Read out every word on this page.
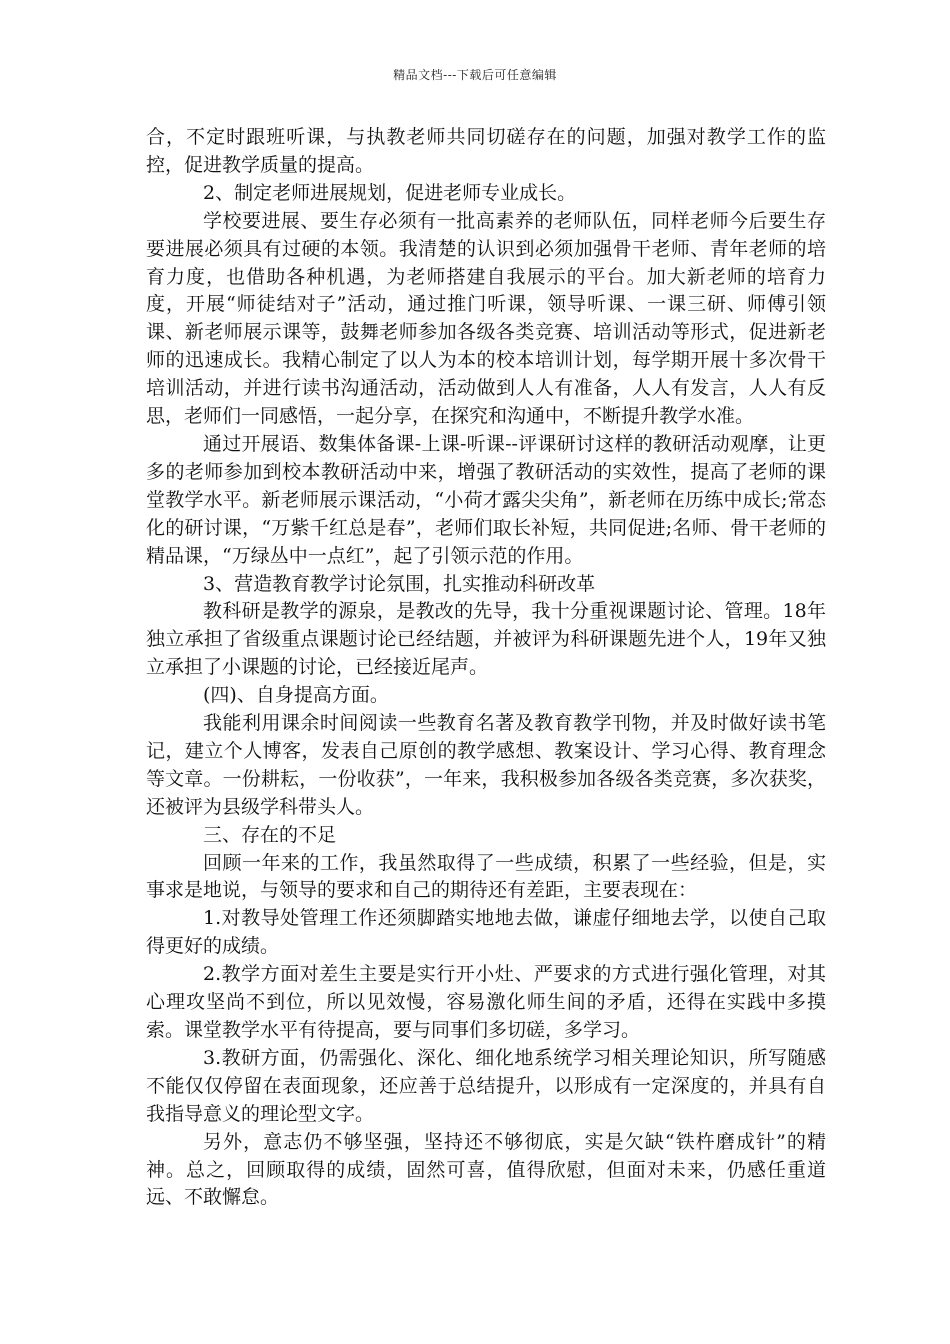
精品文档---下载后可任意编辑

合，不定时跟班听课，与执教老师共同切磋存在的问题，加强对教学工作的监控，促进教学质量的提高。

2、制定老师进展规划，促进老师专业成长。

学校要进展、要生存必须有一批高素养的老师队伍，同样老师今后要生存要进展必须具有过硬的本领。我清楚的认识到必须加强骨干老师、青年老师的培育力度，也借助各种机遇，为老师搭建自我展示的平台。加大新老师的培育力度，开展“师徒结对子”活动，通过推门听课，领导听课、一课三研、师傅引领课、新老师展示课等，鼓舞老师参加各级各类竞赛、培训活动等形式，促进新老师的迅速成长。我精心制定了以人为本的校本培训计划，每学期开展十多次骨干培训活动，并进行读书沟通活动，活动做到人人有准备，人人有发言，人人有反思，老师们一同感悟，一起分享，在探究和沟通中，不断提升教学水准。

通过开展语、数集体备课-上课-听课--评课研讨这样的教研活动观摩，让更多的老师参加到校本教研活动中来，增强了教研活动的实效性，提高了老师的课堂教学水平。新老师展示课活动，“小荷才露尖尖角”，新老师在历练中成长;常态化的研讨课，“万紫千红总是春”，老师们取长补短，共同促进;名师、骨干老师的精品课，“万绿丛中一点红”，起了引领示范的作用。

3、营造教育教学讨论氛围，扎实推动科研改革

教科研是教学的源泉，是教改的先导，我十分重视课题讨论、管理。18年独立承担了省级重点课题讨论已经结题，并被评为科研课题先进个人，19年又独立承担了小课题的讨论，已经接近尾声。

(四)、自身提高方面。

我能利用课余时间阅读一些教育名著及教育教学刊物，并及时做好读书笔记，建立个人博客，发表自己原创的教学感想、教案设计、学习心得、教育理念等文章。一份耕耘，一份收获”，一年来，我积极参加各级各类竞赛，多次获奖，还被评为县级学科带头人。

三、存在的不足

回顾一年来的工作，我虽然取得了一些成绩，积累了一些经验，但是，实事求是地说，与领导的要求和自己的期待还有差距，主要表现在：

1.对教导处管理工作还须脚踏实地地去做，谦虚仔细地去学，以使自己取得更好的成绩。

2.教学方面对差生主要是实行开小灶、严要求的方式进行强化管理，对其心理攻坚尚不到位，所以见效慢，容易激化师生间的矛盾，还得在实践中多摸索。课堂教学水平有待提高，要与同事们多切磋，多学习。

3.教研方面，仍需强化、深化、细化地系统学习相关理论知识，所写随感不能仅仅停留在表面现象，还应善于总结提升，以形成有一定深度的，并具有自我指导意义的理论型文字。

另外，意志仍不够坚强，坚持还不够彻底，实是欠缺“铁杵磨成针”的精神。总之，回顾取得的成绩，固然可喜，值得欣慰，但面对未来，仍感任重道远、不敢懈怠。
